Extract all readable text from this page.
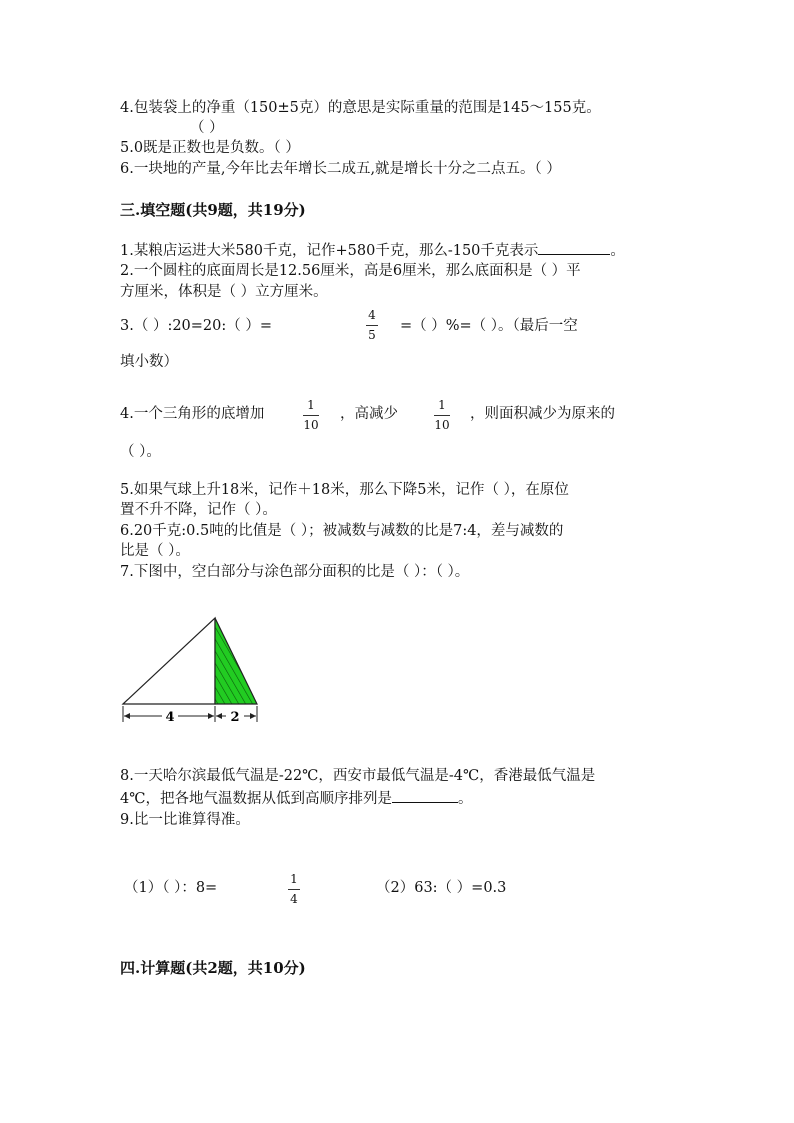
4.包装袋上的净重（150±5克）的意思是实际重量的范围是145～155克。
（ ）
5.0既是正数也是负数。（ ）
6.一块地的产量,今年比去年增长二成五,就是增长十分之二点五。（ ）
三.填空题(共9题，共19分)
1.某粮店运进大米580千克，记作+580千克，那么-150千克表示	。
2.一个圆柱的底面周长是12.56厘米，高是6厘米，那么底面积是（ ）平
方厘米，体积是（ ）立方厘米。
3.（ ）:20=20:（ ）=
4
5
=（ ）%=（ ）。（最后一空
填小数）
4.一个三角形的底增加
1
10
，高减少
1
10
，则面积减少为原来的
（ ）。
5.如果气球上升18米，记作＋18米，那么下降5米，记作（ ），在原位
置不升不降，记作（ ）。
6.20千克:0.5吨的比值是（ ）；被减数与减数的比是7:4，差与减数的
比是（ ）。
7.下图中，空白部分与涂色部分面积的比是（ ）：（ ）。
4	2
8.一天哈尔滨最低气温是-22℃，西安市最低气温是-4℃，香港最低气温是
4℃，把各地气温数据从低到高顺序排列是	。
9.比一比谁算得准。
（1）（ ）：8=
1
4
（2）63:（ ）=0.3
四.计算题(共2题，共10分)
